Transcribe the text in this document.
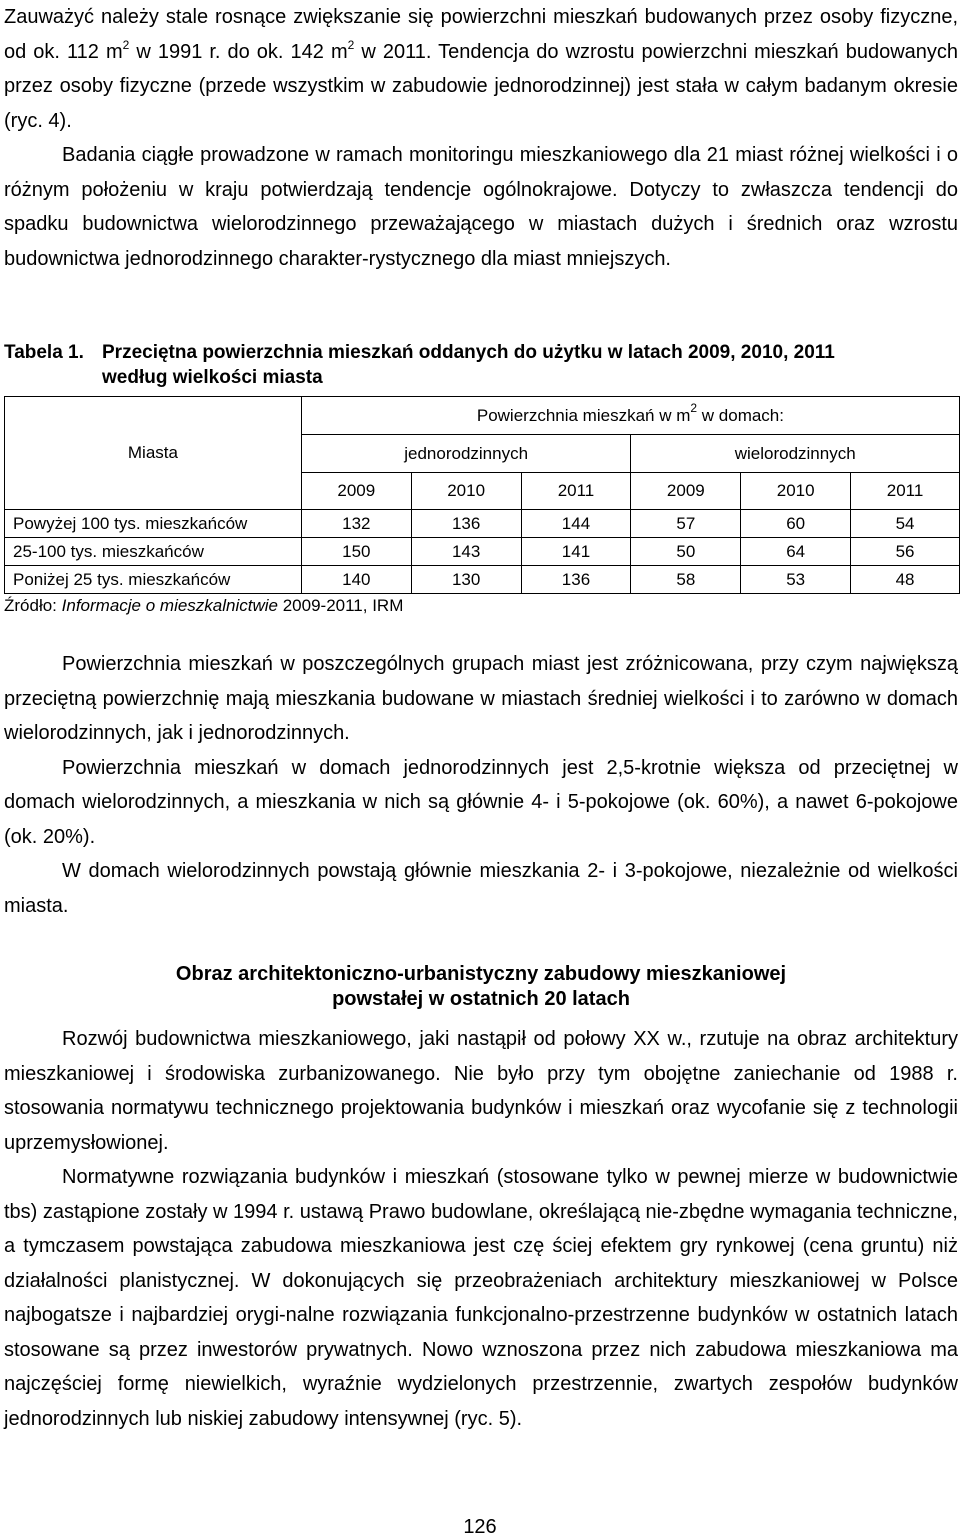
Zauważyć należy stale rosnące zwiększanie się powierzchni mieszkań budowanych przez osoby fizyczne, od ok. 112 $m^2$ w 1991 r. do ok. 142 $m^2$ w 2011. Tendencja do wzrostu powierzchni mieszkań budowanych przez osoby fizyczne (przede wszystkim w zabudowie jednorodzinnej) jest stała w całym badanym okresie (ryc. 4).

Badania ciągłe prowadzone w ramach monitoringu mieszkaniowego dla 21 miast różnej wielkości i o różnym położeniu w kraju potwierdzają tendencje ogólnokrajowe. Dotyczy to zwłaszcza tendencji do spadku budownictwa wielorodzinnego przeważającego w miastach dużych i średnich oraz wzrostu budownictwa jednorodzinnego charakter-rystycznego dla miast mniejszych.

Tabela 1. Przeciętna powierzchnia mieszkań oddanych do użytku w latach 2009, 2010, 2011
według wielkości miasta
Miasta	Powierzchnia mieszkań w $m^2$ w domach:					
	jednorodzinnych			wielorodzinnych		
	2009	2010	2011	2009	2010	2011
Powyżej 100 tys. mieszkańców	132	136	144	57	60	54
25-100 tys. mieszkańców	150	143	141	50	64	56
Poniżej 25 tys. mieszkańców	140	130	136	58	53	48
Źródło: Informacje o mieszkalnictwie 2009-2011, IRM

Powierzchnia mieszkań w poszczególnych grupach miast jest zróżnicowana, przy czym największą przeciętną powierzchnię mają mieszkania budowane w miastach średniej wielkości i to zarówno w domach wielorodzinnych, jak i jednorodzinnych.

Powierzchnia mieszkań w domach jednorodzinnych jest 2,5-krotnie większa od przeciętnej w domach wielorodzinnych, a mieszkania w nich są głównie 4- i 5-pokojowe (ok. 60%), a nawet 6-pokojowe (ok. 20%).

W domach wielorodzinnych powstają głównie mieszkania 2- i 3-pokojowe, niezależnie od wielkości miasta.

Obraz architektoniczno-urbanistyczny zabudowy mieszkaniowej
powstałej w ostatnich 20 latach

Rozwój budownictwa mieszkaniowego, jaki nastąpił od połowy XX w., rzutuje na obraz architektury mieszkaniowej i środowiska zurbanizowanego. Nie było przy tym obojętne zaniechanie od 1988 r. stosowania normatywu technicznego projektowania budynków i mieszkań oraz wycofanie się z technologii uprzemysłowionej.

Normatywne rozwiązania budynków i mieszkań (stosowane tylko w pewnej mierze w budownictwie tbs) zastąpione zostały w 1994 r. ustawą Prawo budowlane, określającą nie-zbędne wymagania techniczne, a tymczasem powstająca zabudowa mieszkaniowa jest czę ściej efektem gry rynkowej (cena gruntu) niż działalności planistycznej. W dokonujących się przeobrażeniach architektury mieszkaniowej w Polsce najbogatsze i najbardziej orygi-nalne rozwiązania funkcjonalno-przestrzenne budynków w ostatnich latach stosowane są przez inwestorów prywatnych. Nowo wznoszona przez nich zabudowa mieszkaniowa ma najczęściej formę niewielkich, wyraźnie wydzielonych przestrzennie, zwartych zespołów budynków jednorodzinnych lub niskiej zabudowy intensywnej (ryc. 5).

126
